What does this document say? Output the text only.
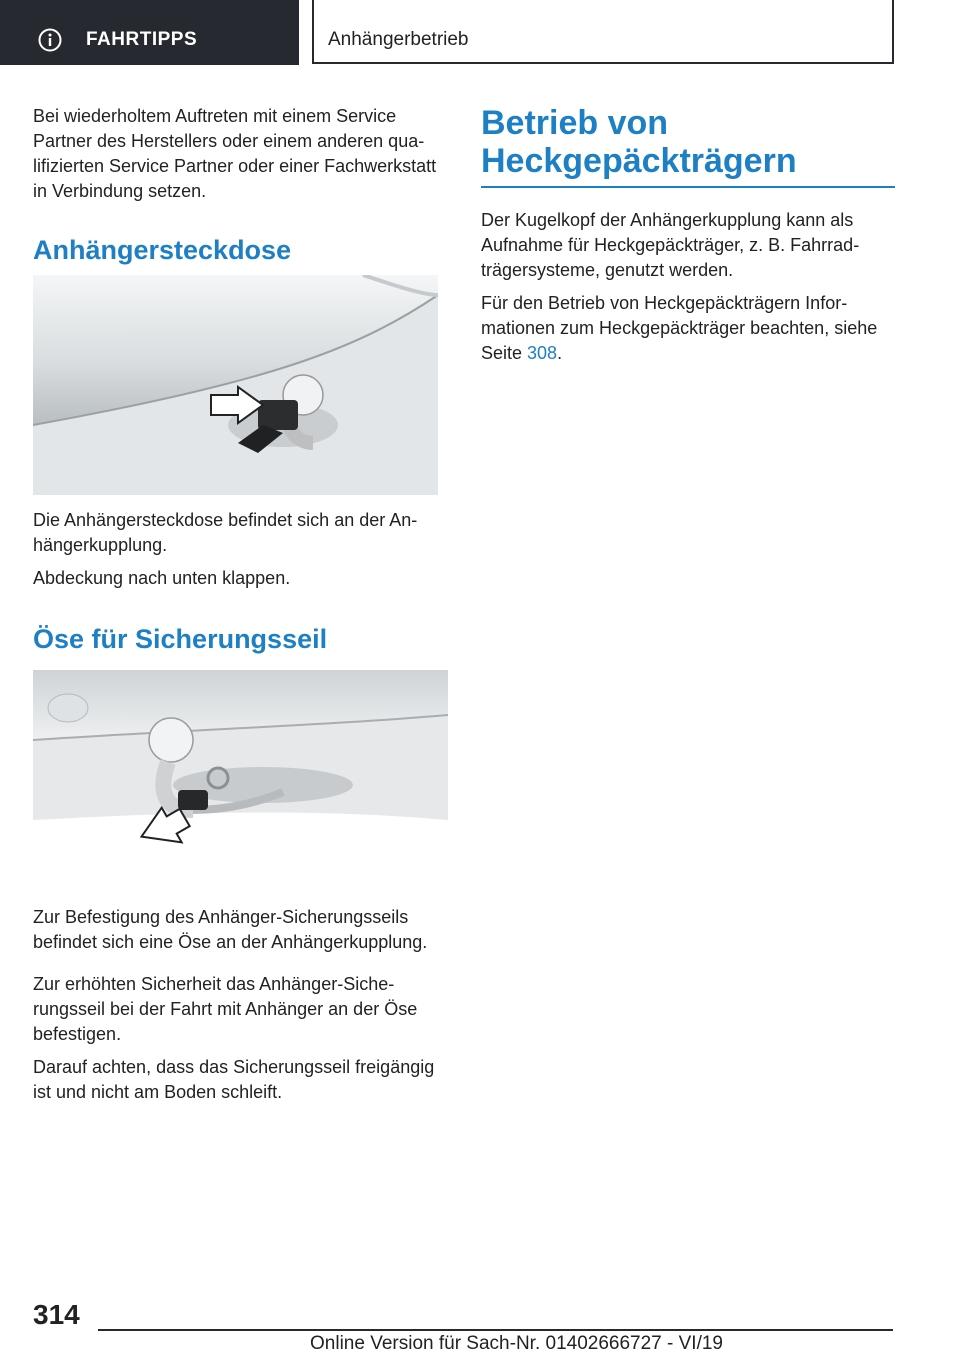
FAHRTIPPS	Anhängerbetrieb

Bei wiederholtem Auftreten mit einem Service Partner des Herstellers oder einem anderen qualifizierten Service Partner oder einer Fachwerkstatt in Verbindung setzen.

Anhängersteckdose

Die Anhängersteckdose befindet sich an der Anhängerkupplung.

Abdeckung nach unten klappen.

Öse für Sicherungsseil

Zur Befestigung des Anhänger-Sicherungsseils befindet sich eine Öse an der Anhängerkupplung.

Zur erhöhten Sicherheit das Anhänger-Sicherungsseil bei der Fahrt mit Anhänger an der Öse befestigen.

Darauf achten, dass das Sicherungsseil freigängig ist und nicht am Boden schleift.

Betrieb von Heckgepäckträgern

Der Kugelkopf der Anhängerkupplung kann als Aufnahme für Heckgepäckträger, z. B. Fahrradträgersysteme, genutzt werden.

Für den Betrieb von Heckgepäckträgern Informationen zum Heckgepäckträger beachten, siehe Seite 308.

314
Online Version für Sach-Nr. 01402666727 - VI/19
